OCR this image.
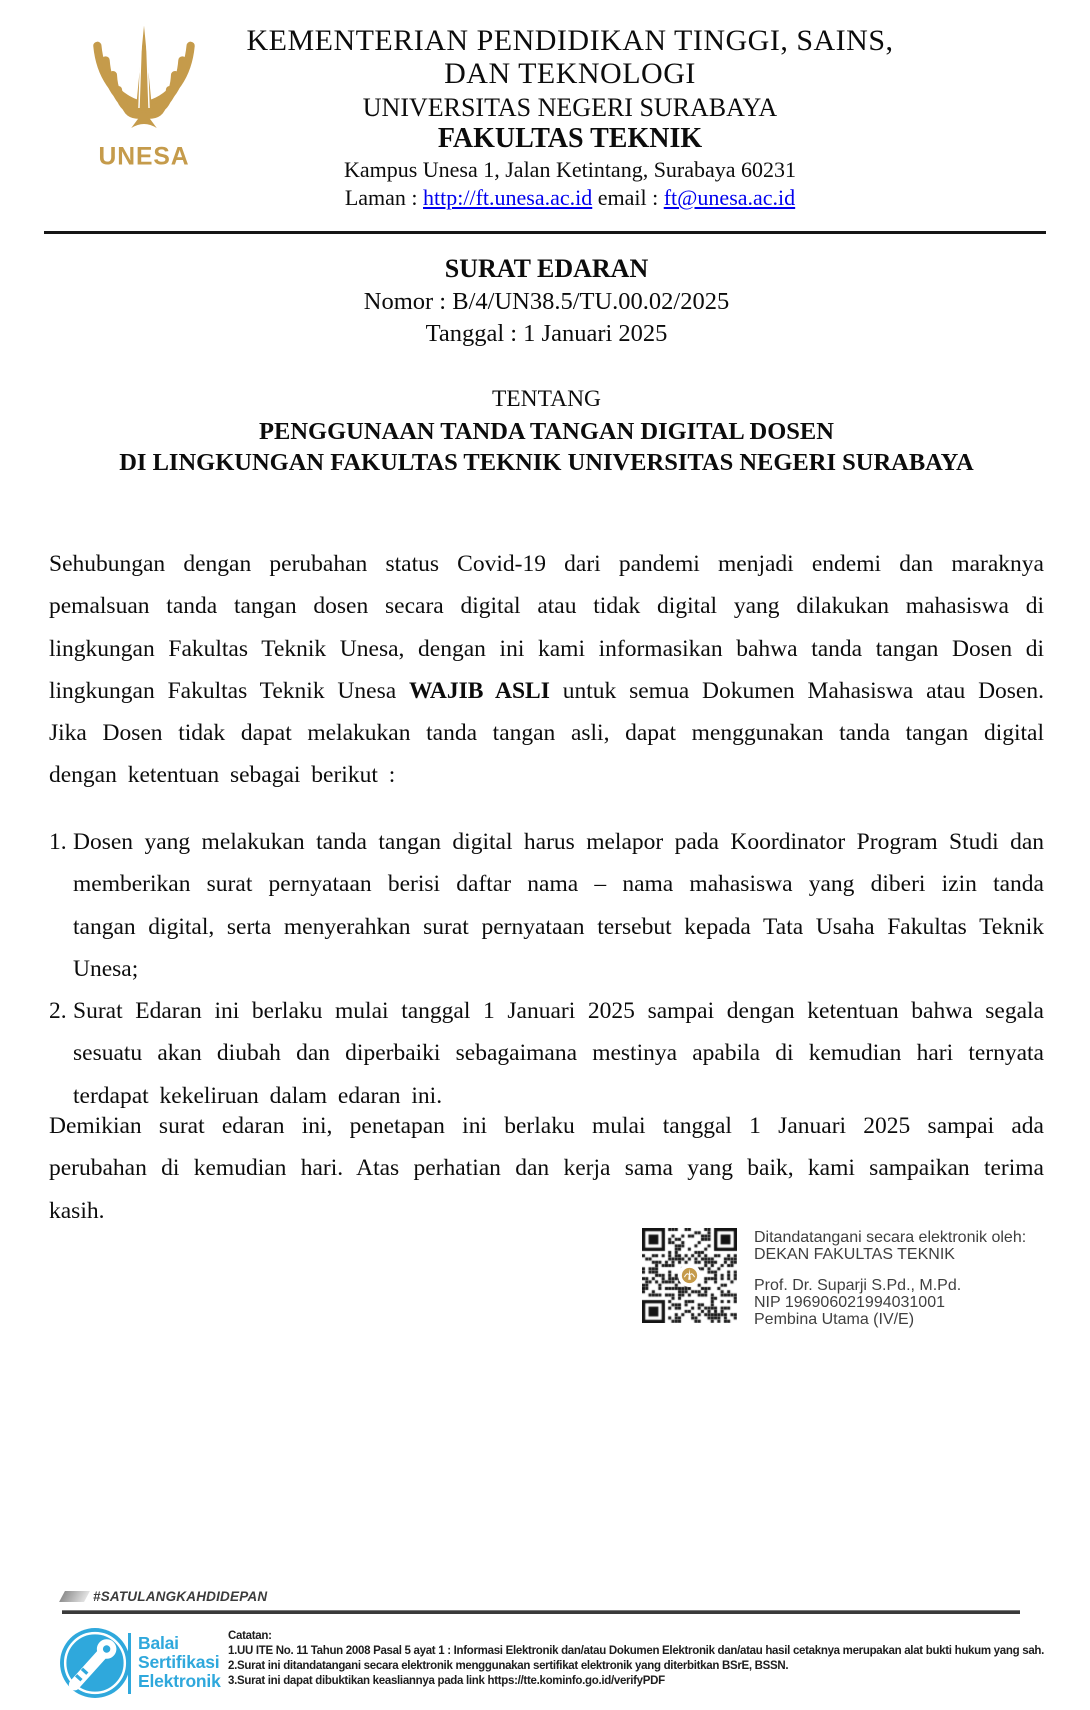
UNESA
KEMENTERIAN PENDIDIKAN TINGGI, SAINS,
DAN TEKNOLOGI
UNIVERSITAS NEGERI SURABAYA
FAKULTAS TEKNIK
Kampus Unesa 1, Jalan Ketintang, Surabaya 60231
Laman : http://ft.unesa.ac.id email : ft@unesa.ac.id
SURAT EDARAN
Nomor : B/4/UN38.5/TU.00.02/2025
Tanggal : 1 Januari 2025
TENTANG
PENGGUNAAN TANDA TANGAN DIGITAL DOSEN
DI LINGKUNGAN FAKULTAS TEKNIK UNIVERSITAS NEGERI SURABAYA

Sehubungan dengan perubahan status Covid-19 dari pandemi menjadi endemi dan maraknya pemalsuan tanda tangan dosen secara digital atau tidak digital yang dilakukan mahasiswa di lingkungan Fakultas Teknik Unesa, dengan ini kami informasikan bahwa tanda tangan Dosen di lingkungan Fakultas Teknik Unesa WAJIB ASLI untuk semua Dokumen Mahasiswa atau Dosen. Jika Dosen tidak dapat melakukan tanda tangan asli, dapat menggunakan tanda tangan digital dengan ketentuan sebagai berikut :

1. Dosen yang melakukan tanda tangan digital harus melapor pada Koordinator Program Studi dan memberikan surat pernyataan berisi daftar nama – nama mahasiswa yang diberi izin tanda tangan digital, serta menyerahkan surat pernyataan tersebut kepada Tata Usaha Fakultas Teknik Unesa;
2. Surat Edaran ini berlaku mulai tanggal 1 Januari 2025 sampai dengan ketentuan bahwa segala sesuatu akan diubah dan diperbaiki sebagaimana mestinya apabila di kemudian hari ternyata terdapat kekeliruan dalam edaran ini.

Demikian surat edaran ini, penetapan ini berlaku mulai tanggal 1 Januari 2025 sampai ada perubahan di kemudian hari. Atas perhatian dan kerja sama yang baik, kami sampaikan terima kasih.

Ditandatangani secara elektronik oleh:
DEKAN FAKULTAS TEKNIK
Prof. Dr. Suparji S.Pd., M.Pd.
NIP 196906021994031001
Pembina Utama (IV/E)
#SATULANGKAHDIDEPAN
Balai
Sertifikasi
Elektronik
Catatan:
1.UU ITE No. 11 Tahun 2008 Pasal 5 ayat 1 : Informasi Elektronik dan/atau Dokumen Elektronik dan/atau hasil cetaknya merupakan alat bukti hukum yang sah.
2.Surat ini ditandatangani secara elektronik menggunakan sertifikat elektronik yang diterbitkan BSrE, BSSN.
3.Surat ini dapat dibuktikan keasliannya pada link https://tte.kominfo.go.id/verifyPDF
